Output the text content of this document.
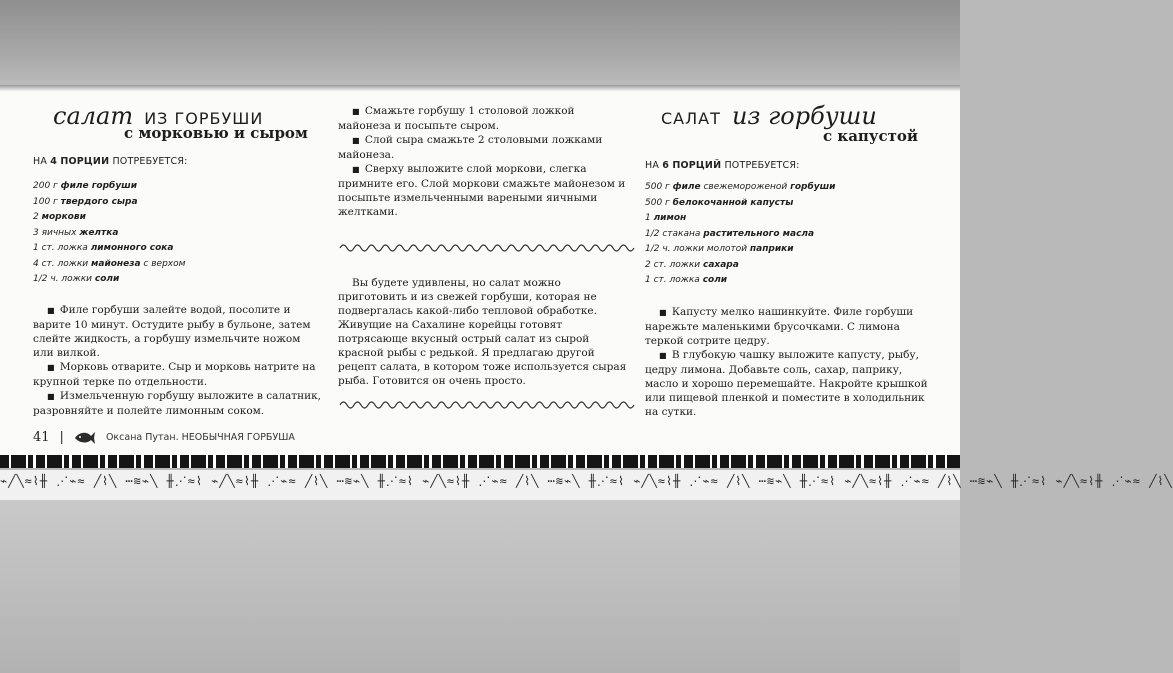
салат ИЗ ГОРБУШИ
с морковью и сыром
НА 4 ПОРЦИИ ПОТРЕБУЕТСЯ:
200 г филе горбуши
100 г твердого сыра
2 моркови
3 яичных желтка
1 ст. ложка лимонного сока
4 ст. ложки майонеза с верхом
1/2 ч. ложки соли

■ Филе горбуши залейте водой, посолите и варите 10 минут. Остудите рыбу в бульоне, затем слейте жидкость, а горбушу измельчите ножом или вилкой.

■ Морковь отварите. Сыр и морковь натрите на крупной терке по отдельности.

■ Измельченную горбушу выложите в салатник, разровняйте и полейте лимонным соком.

■ Смажьте горбушу 1 столовой ложкой майонеза и посыпьте сыром.

■ Слой сыра смажьте 2 столовыми ложками майонеза.

■ Сверху выложите слой моркови, слегка примните его. Слой моркови смажьте майонезом и посыпьте измельченными вареными яичными желтками.

Вы будете удивлены, но салат можно приготовить и из свежей горбуши, которая не подвергалась какой-либо тепловой обработке. Живущие на Сахалине корейцы готовят потрясающе вкусный острый салат из сырой красной рыбы с редькой. Я предлагаю другой рецепт салата, в котором тоже используется сырая рыба. Готовится он очень просто.

САЛАТ из горбуши
с капустой
НА 6 ПОРЦИЙ ПОТРЕБУЕТСЯ:
500 г филе свежемороженой горбуши
500 г белокочанной капусты
1 лимон
1/2 стакана растительного масла
1/2 ч. ложки молотой паприки
2 ст. ложки сахара
1 ст. ложка соли

■ Капусту мелко нашинкуйте. Филе горбуши нарежьте маленькими брусочками. С лимона теркой сотрите цедру.

■ В глубокую чашку выложите капусту, рыбу, цедру лимона. Добавьте соль, сахар, паприку, масло и хорошо перемешайте. Накройте крышкой или пищевой пленкой и поместите в холодильник на сутки.

41 |	Оксана Путан. НЕОБЫЧНАЯ ГОРБУША
⌁╱╲≈⌇╫ ⋰⌁≈ ╱⌇╲ ⋯≋⌁╲ ╫⋰≈⌇ ⌁╱╲≈⌇╫ ⋰⌁≈ ╱⌇╲ ⋯≋⌁╲ ╫⋰≈⌇ ⌁╱╲≈⌇╫ ⋰⌁≈ ╱⌇╲ ⋯≋⌁╲ ╫⋰≈⌇ ⌁╱╲≈⌇╫ ⋰⌁≈ ╱⌇╲ ⋯≋⌁╲ ╫⋰≈⌇ ⌁╱╲≈⌇╫ ⋰⌁≈ ╱⌇╲ ⋯≋⌁╲ ╫⋰≈⌇ ⌁╱╲≈⌇╫ ⋰⌁≈ ╱⌇╲
